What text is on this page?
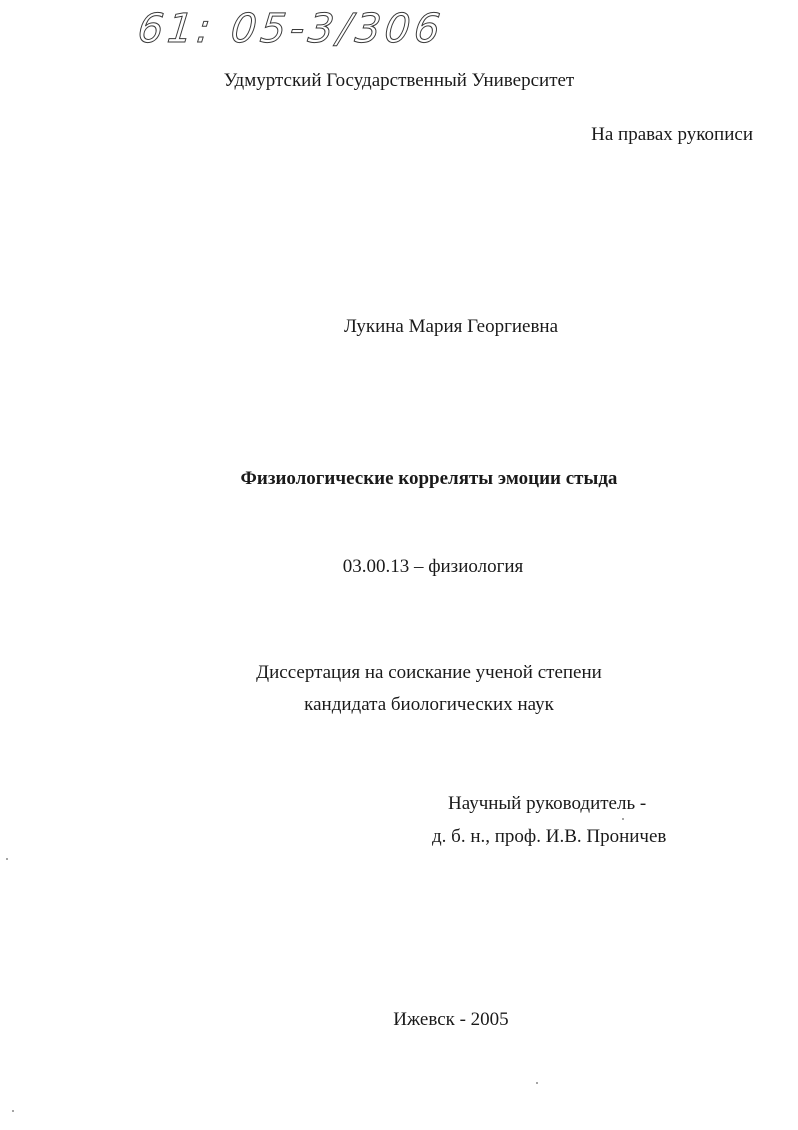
61: 05-3/306
Удмуртский Государственный Университет
На правах рукописи
Лукина Мария Георгиевна
Физиологические корреляты эмоции стыда
03.00.13 – физиология
Диссертация на соискание ученой степени
кандидата биологических наук
Научный руководитель -
д. б. н., проф. И.В. Проничев
Ижевск - 2005
